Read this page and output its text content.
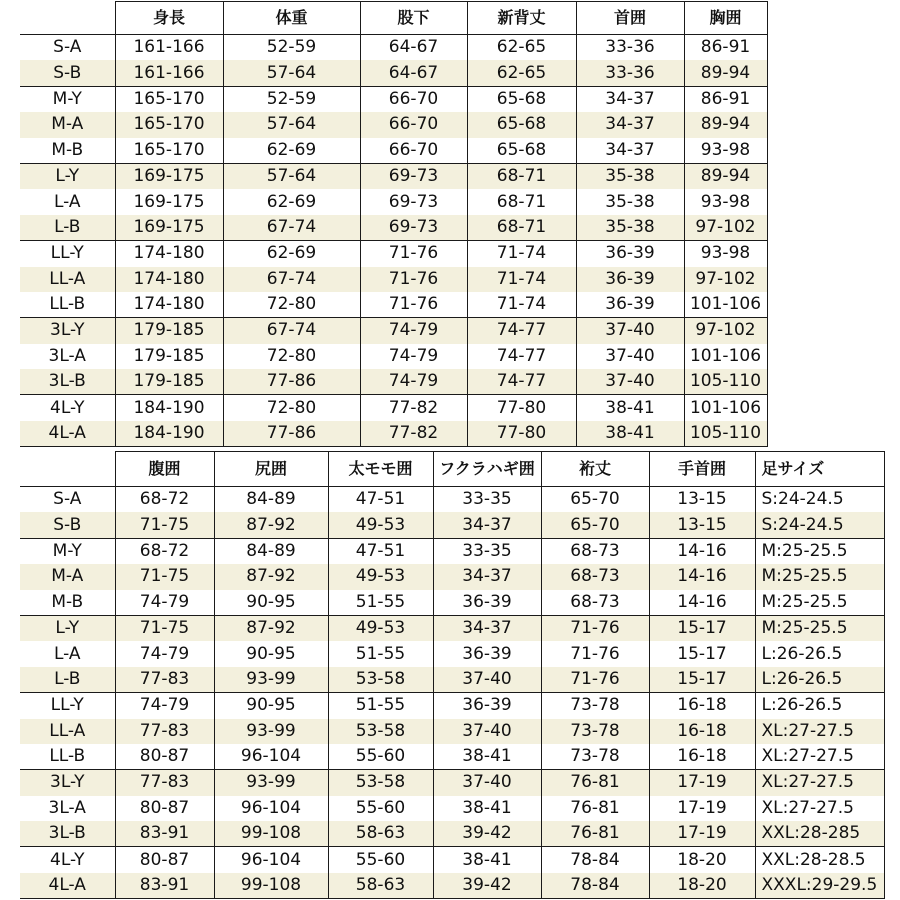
	身長	体重	股下	新背丈	首囲	胸囲
S-A	161-166	52-59	64-67	62-65	33-36	86-91
S-B	161-166	57-64	64-67	62-65	33-36	89-94
M-Y	165-170	52-59	66-70	65-68	34-37	86-91
M-A	165-170	57-64	66-70	65-68	34-37	89-94
M-B	165-170	62-69	66-70	65-68	34-37	93-98
L-Y	169-175	57-64	69-73	68-71	35-38	89-94
L-A	169-175	62-69	69-73	68-71	35-38	93-98
L-B	169-175	67-74	69-73	68-71	35-38	97-102
LL-Y	174-180	62-69	71-76	71-74	36-39	93-98
LL-A	174-180	67-74	71-76	71-74	36-39	97-102
LL-B	174-180	72-80	71-76	71-74	36-39	101-106
3L-Y	179-185	67-74	74-79	74-77	37-40	97-102
3L-A	179-185	72-80	74-79	74-77	37-40	101-106
3L-B	179-185	77-86	74-79	74-77	37-40	105-110
4L-Y	184-190	72-80	77-82	77-80	38-41	101-106
4L-A	184-190	77-86	77-82	77-80	38-41	105-110
	腹囲	尻囲	太モモ囲	フクラハギ囲	裄丈	手首囲	足サイズ
S-A	68-72	84-89	47-51	33-35	65-70	13-15	S:24-24.5
S-B	71-75	87-92	49-53	34-37	65-70	13-15	S:24-24.5
M-Y	68-72	84-89	47-51	33-35	68-73	14-16	M:25-25.5
M-A	71-75	87-92	49-53	34-37	68-73	14-16	M:25-25.5
M-B	74-79	90-95	51-55	36-39	68-73	14-16	M:25-25.5
L-Y	71-75	87-92	49-53	34-37	71-76	15-17	M:25-25.5
L-A	74-79	90-95	51-55	36-39	71-76	15-17	L:26-26.5
L-B	77-83	93-99	53-58	37-40	71-76	15-17	L:26-26.5
LL-Y	74-79	90-95	51-55	36-39	73-78	16-18	L:26-26.5
LL-A	77-83	93-99	53-58	37-40	73-78	16-18	XL:27-27.5
LL-B	80-87	96-104	55-60	38-41	73-78	16-18	XL:27-27.5
3L-Y	77-83	93-99	53-58	37-40	76-81	17-19	XL:27-27.5
3L-A	80-87	96-104	55-60	38-41	76-81	17-19	XL:27-27.5
3L-B	83-91	99-108	58-63	39-42	76-81	17-19	XXL:28-285
4L-Y	80-87	96-104	55-60	38-41	78-84	18-20	XXL:28-28.5
4L-A	83-91	99-108	58-63	39-42	78-84	18-20	XXXL:29-29.5
